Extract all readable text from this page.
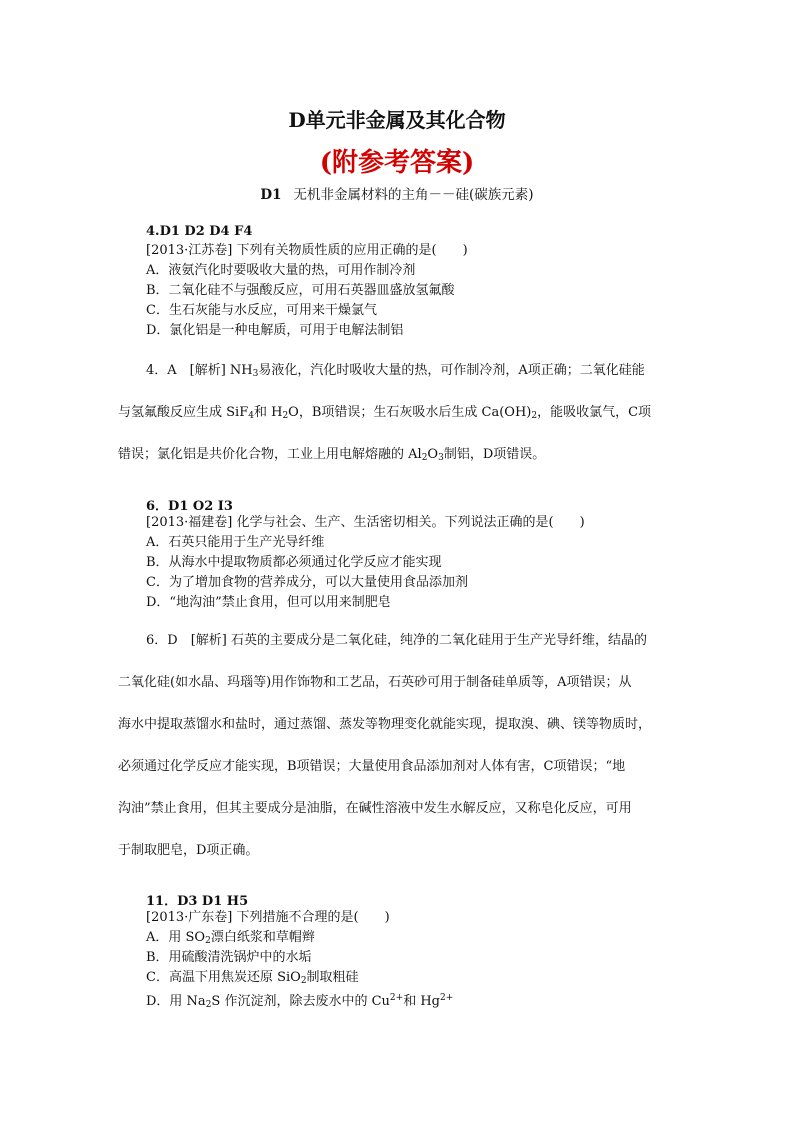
D单元非金属及其化合物
(附参考答案)
D1 无机非金属材料的主角－－硅(碳族元素)
4.D1 D2 D4 F4
[2013·江苏卷] 下列有关物质性质的应用正确的是(　　)
A．液氨汽化时要吸收大量的热，可用作制冷剂
B．二氧化硅不与强酸反应，可用石英器皿盛放氢氟酸
C．生石灰能与水反应，可用来干燥氯气
D．氯化铝是一种电解质，可用于电解法制铝
4．A　[解析] $NH_3$易液化，汽化时吸收大量的热，可作制冷剂，A项正确；二氧化硅能
与氢氟酸反应生成 SiF$_4$和 $H_2O$，B项错误；生石灰吸水后生成 $Ca(OH)_2$，能吸收氯气，C项
错误；氯化铝是共价化合物，工业上用电解熔融的 $Al_2O_3$制铝，D项错误。
6．D1 O2 I3
[2013·福建卷] 化学与社会、生产、生活密切相关。下列说法正确的是(　　)
A．石英只能用于生产光导纤维
B．从海水中提取物质都必须通过化学反应才能实现
C．为了增加食物的营养成分，可以大量使用食品添加剂
D．“地沟油”禁止食用，但可以用来制肥皂
6．D　[解析] 石英的主要成分是二氧化硅，纯净的二氧化硅用于生产光导纤维，结晶的
二氧化硅(如水晶、玛瑙等)用作饰物和工艺品，石英砂可用于制备硅单质等，A项错误；从
海水中提取蒸馏水和盐时，通过蒸馏、蒸发等物理变化就能实现，提取溴、碘、镁等物质时，
必须通过化学反应才能实现，B项错误；大量使用食品添加剂对人体有害，C项错误；“地
沟油”禁止食用，但其主要成分是油脂，在碱性溶液中发生水解反应，又称皂化反应，可用
于制取肥皂，D项正确。
11．D3 D1 H5
[2013·广东卷] 下列措施不合理的是(　　)
A．用 $SO_2$漂白纸浆和草帽辫
B．用硫酸清洗锅炉中的水垢
C．高温下用焦炭还原 SiO$_2$制取粗硅
D．用 $Na_2S$ 作沉淀剂，除去废水中的 $Cu^{2+}$和 $Hg^{2+}$
